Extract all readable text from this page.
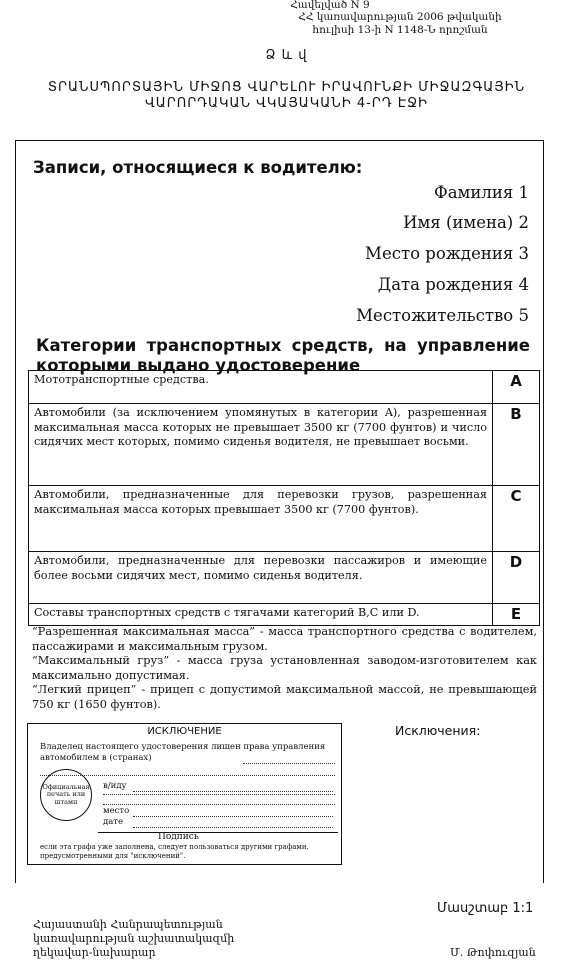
Հավելված N 9
ՀՀ կառավարության 2006 թվականի
հուլիսի 13-ի N 1148-Ն որոշման
Ձ և վ
ՏՐԱՆՍՊՈՐՏԱՅԻՆ ՄԻՋՈՑ ՎԱՐԵԼՈՒ ԻՐԱՎՈՒՆՔԻ ՄԻՋԱԶԳԱՅԻՆ
ՎԱՐՈՐԴԱԿԱՆ ՎԿԱՅԱԿԱՆԻ 4-ՐԴ ԷՋԻ
Записи, относящиеся к водителю:
Фамилия 1
Имя (имена) 2
Место рождения 3
Дата рождения 4
Местожительство 5
Категории транспортных средств, на управление
которыми выдано удостоверение
Мототранспортные средства.	A
Автомобили (за исключением упомянутых в категории A), разрешенная максимальная масса которых не превышает 3500 кг (7700 фунтов) и число сидячих мест которых, помимо сиденья водителя, не превышает восьми.	B
Автомобили, предназначенные для перевозки грузов, разрешенная максимальная масса которых превышает 3500 кг (7700 фунтов).	C
Автомобили, предназначенные для перевозки пассажиров и имеющие более восьми сидячих мест, помимо сиденья водителя.	D
Составы транспортных средств с тягачами категорий B,C или D.	E
“Разрешенная максимальная масса” - масса транспортного средства с водителем, пассажирами и максимальным грузом.
“Максимальный груз” - масса груза установленная заводом-изготовителем как максимально допустимая.
“Легкий прицеп” - прицеп с допустимой максимальной массой, не превышающей 750 кг (1650 фунтов).
ИСКЛЮЧЕНИЕ
Владелец настоящего удостоверения лишен права управления автомобилем в (странах)
в/иду
место
дате
Официальная печать или штамп
Подпись
если эта графа уже заполнена, следует пользоваться другими графами, предусмотренными для "исключений".
Исключения:
Մասշտաբ 1:1
Հայաստանի Հանրապետության
կառավարության աշխատակազմի
ղեկավար-նախարար	Մ. Թոփուզյան
